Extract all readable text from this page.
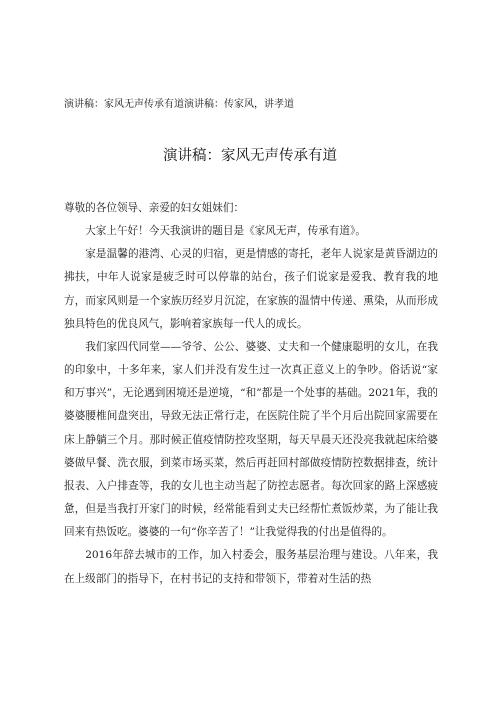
演讲稿：家风无声传承有道演讲稿：传家风，讲孝道
演讲稿：家风无声传承有道

尊敬的各位领导、亲爱的妇女姐妹们：

大家上午好！今天我演讲的题目是《家风无声，传承有道》。

家是温馨的港湾、心灵的归宿，更是情感的寄托，老年人说家是黄昏湖边的拂扶，中年人说家是疲乏时可以停靠的站台，孩子们说家是爱我、教育我的地方，而家风则是一个家族历经岁月沉淀，在家族的温情中传递、熏染，从而形成独具特色的优良风气，影响着家族每一代人的成长。

我们家四代同堂——爷爷、公公、婆婆、丈夫和一个健康聪明的女儿，在我的印象中，十多年来，家人们并没有发生过一次真正意义上的争吵。俗话说“家和万事兴”，无论遇到困境还是逆境，“和”都是一个处事的基础。2021年，我的婆婆腰椎间盘突出，导致无法正常行走，在医院住院了半个月后出院回家需要在床上静躺三个月。那时候正值疫情防控攻坚期，每天早晨天还没亮我就起床给婆婆做早餐、洗衣服，到菜市场买菜，然后再赶回村部做疫情防控数据排查，统计报表、入户排查等，我的女儿也主动当起了防控志愿者。每次回家的路上深感疲惫，但是当我打开家门的时候，经常能看到丈夫已经帮忙煮饭炒菜，为了能让我回来有热饭吃。婆婆的一句“你辛苦了！”让我觉得我的付出是值得的。

2016年辞去城市的工作，加入村委会，服务基层治理与建设。八年来，我在上级部门的指导下，在村书记的支持和带领下，带着对生活的热
